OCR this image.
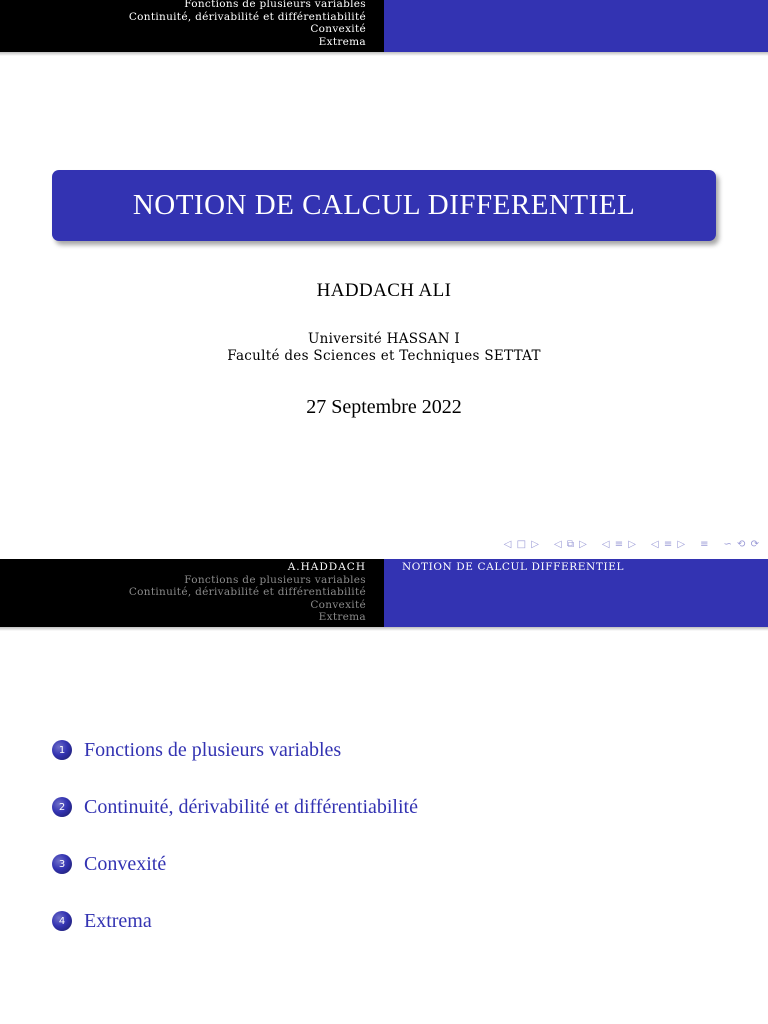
Fonctions de plusieurs variables
Continuité, dérivabilité et différentiabilité
Convexité
Extrema
NOTION DE CALCUL DIFFERENTIEL
HADDACH ALI
Université HASSAN I
Faculté des Sciences et Techniques SETTAT
27 Septembre 2022
◁ □ ▷ ◁ ⧉ ▷ ◁ ≡ ▷ ◁ ≡ ▷ ≡ ∽ ⟲ ⟳
A.HADDACH
Fonctions de plusieurs variables
Continuité, dérivabilité et différentiabilité
Convexité
Extrema
NOTION DE CALCUL DIFFERENTIEL
1 Fonctions de plusieurs variables
2 Continuité, dérivabilité et différentiabilité
3 Convexité
4 Extrema
